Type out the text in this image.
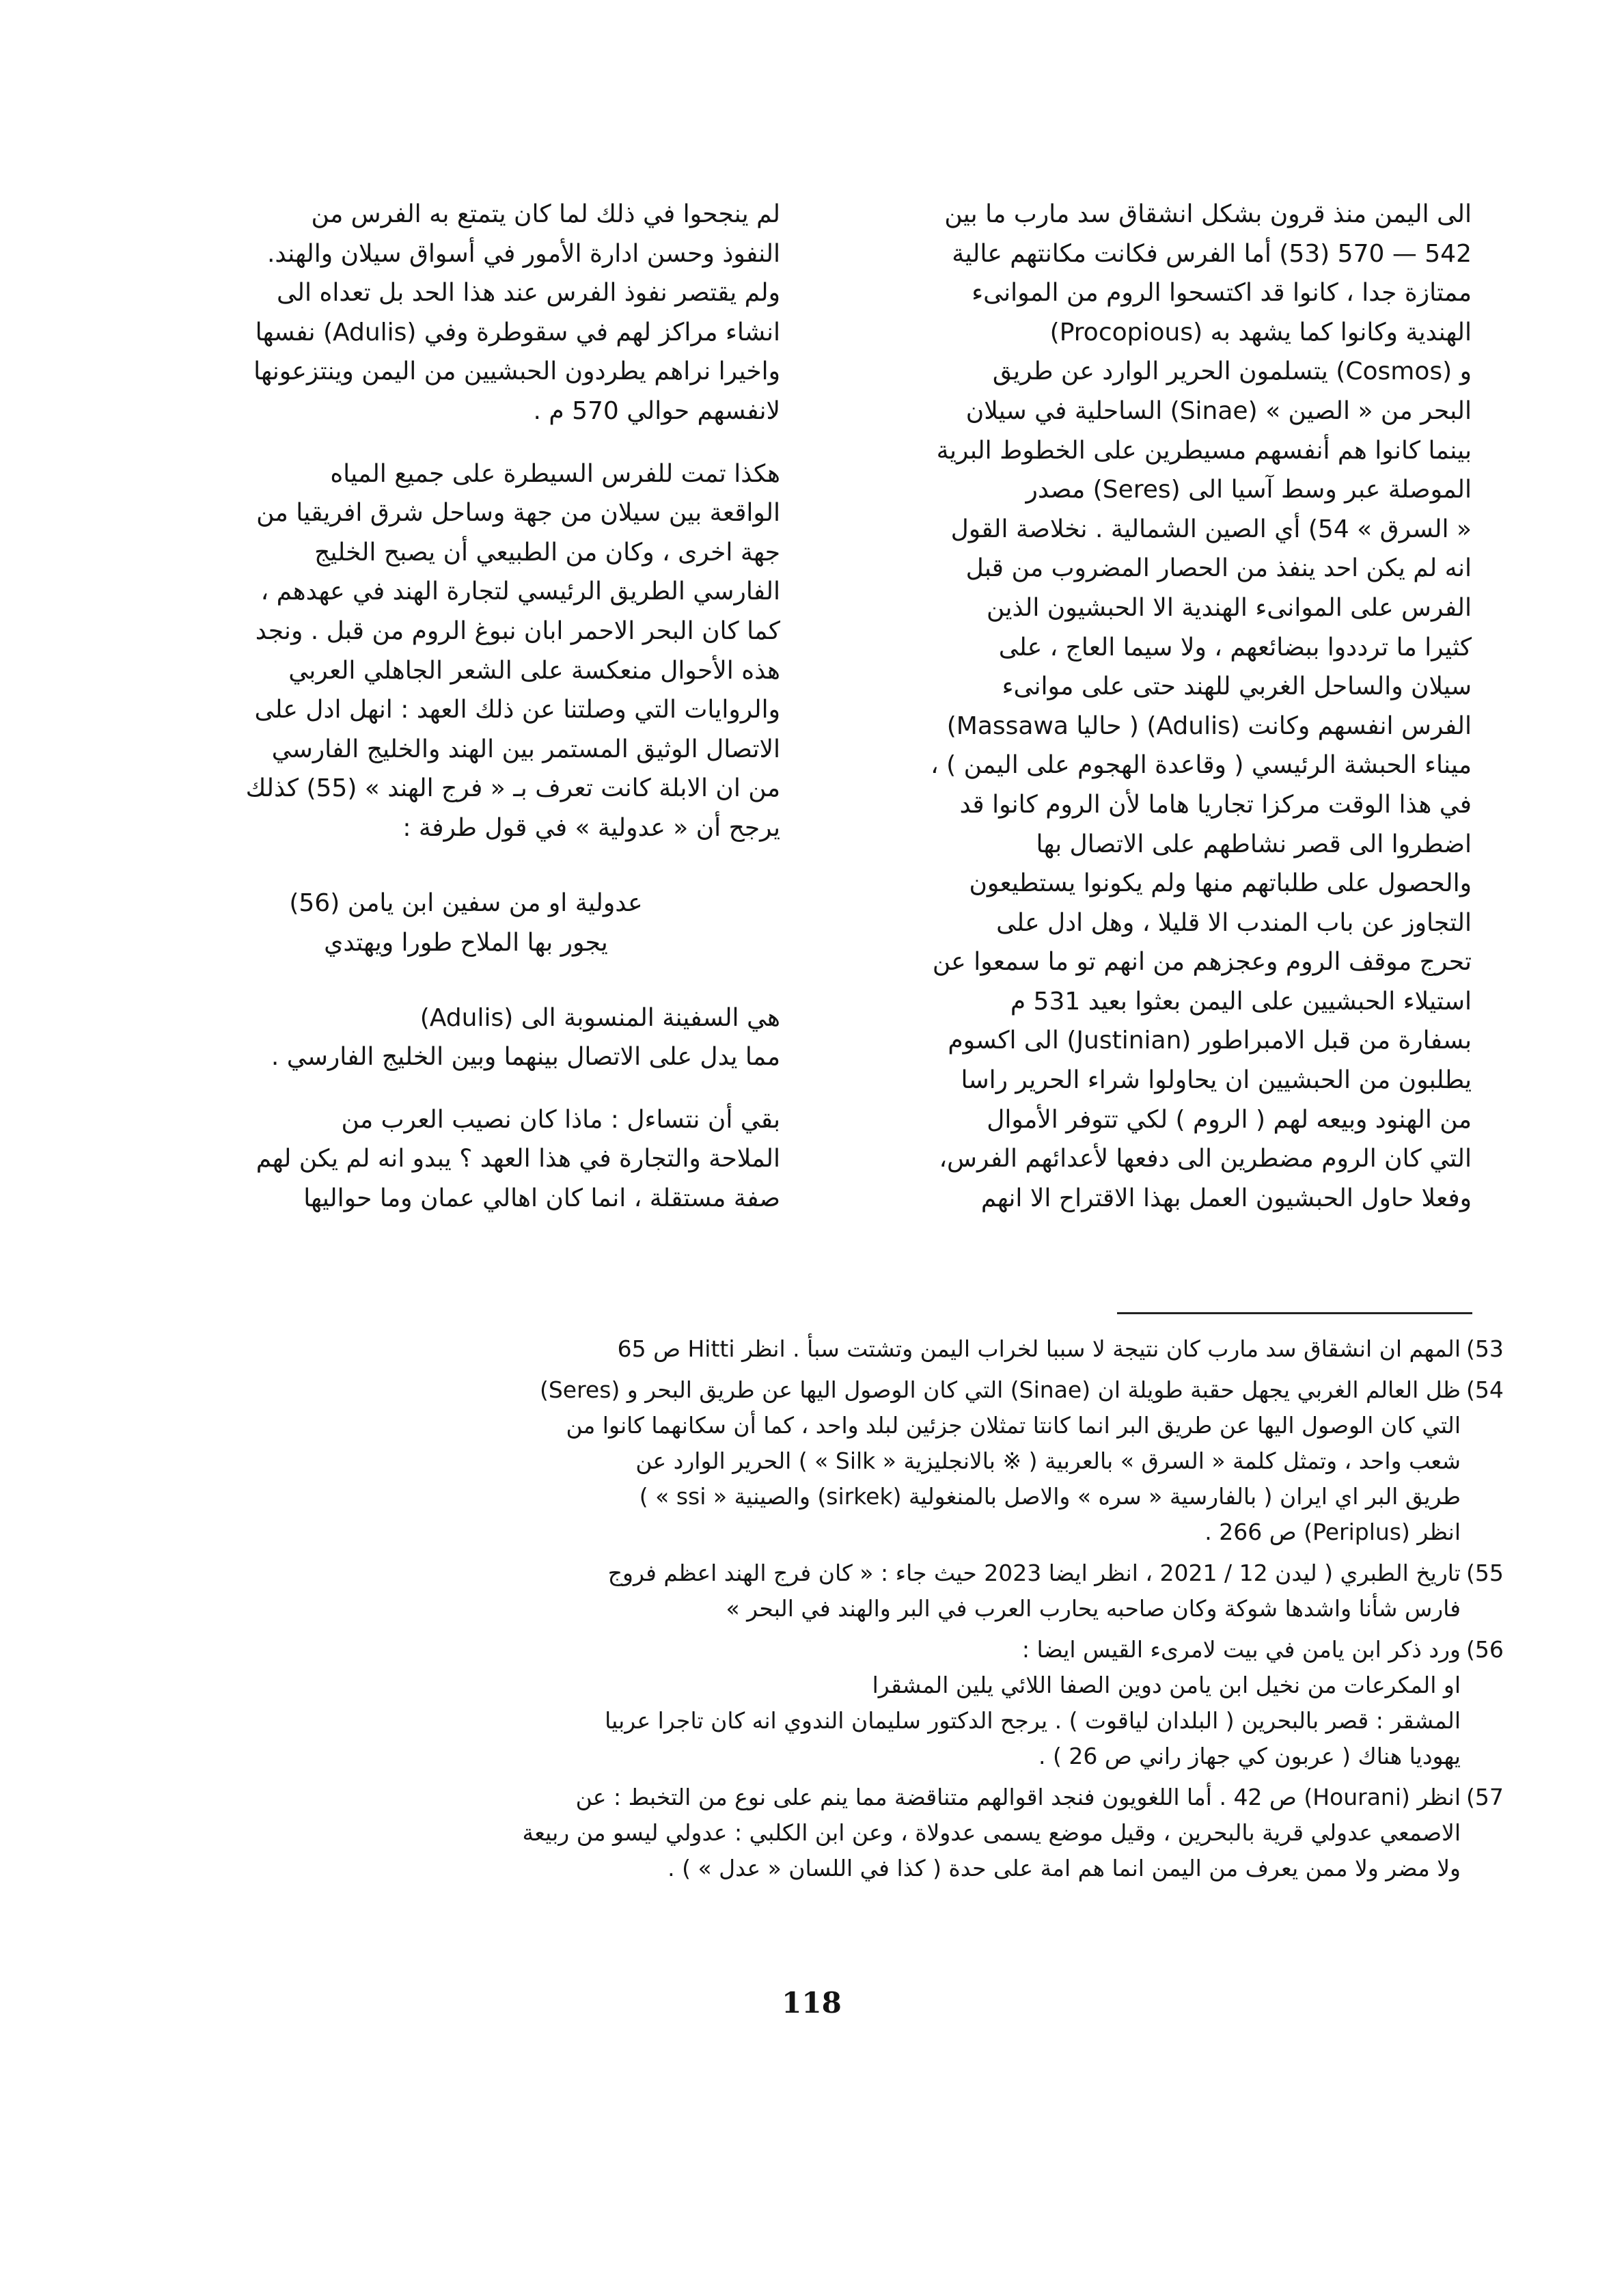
الى اليمن منذ قرون بشكل انشقاق سد مارب ما بين
542 — 570 (53) أما الفرس فكانت مكانتهم عالية
ممتازة جدا ، كانوا قد اكتسحوا الروم من الموانىء
الهندية وكانوا كما يشهد به (Procopious)
و (Cosmos) يتسلمون الحرير الوارد عن طريق
البحر من « الصين » (Sinae) الساحلية في سيلان
بينما كانوا هم أنفسهم مسيطرين على الخطوط البرية
الموصلة عبر وسط آسيا الى (Seres) مصدر
« السرق » 54) أي الصين الشمالية . نخلاصة القول
انه لم يكن احد ينفذ من الحصار المضروب من قبل
الفرس على الموانىء الهندية الا الحبشيون الذين
كثيرا ما ترددوا ببضائعهم ، ولا سيما العاج ، على
سيلان والساحل الغربي للهند حتى على موانىء
الفرس انفسهم وكانت (Adulis) ( حاليا Massawa)
ميناء الحبشة الرئيسي ( وقاعدة الهجوم على اليمن ) ،
في هذا الوقت مركزا تجاريا هاما لأن الروم كانوا قد
اضطروا الى قصر نشاطهم على الاتصال بها
والحصول على طلباتهم منها ولم يكونوا يستطيعون
التجاوز عن باب المندب الا قليلا ، وهل ادل على
تحرج موقف الروم وعجزهم من انهم تو ما سمعوا عن
استيلاء الحبشيين على اليمن بعثوا بعيد 531 م
بسفارة من قبل الامبراطور (Justinian) الى اكسوم
يطلبون من الحبشيين ان يحاولوا شراء الحرير راسا
من الهنود وبيعه لهم ( الروم ) لكي تتوفر الأموال
التي كان الروم مضطرين الى دفعها لأعدائهم الفرس،
وفعلا حاول الحبشيون العمل بهذا الاقتراح الا انهم
لم ينجحوا في ذلك لما كان يتمتع به الفرس من
النفوذ وحسن ادارة الأمور في أسواق سيلان والهند.
ولم يقتصر نفوذ الفرس عند هذا الحد بل تعداه الى
انشاء مراكز لهم في سقوطرة وفي (Adulis) نفسها
واخيرا نراهم يطردون الحبشيين من اليمن وينتزعونها
لانفسهم حوالي 570 م .
هكذا تمت للفرس السيطرة على جميع المياه
الواقعة بين سيلان من جهة وساحل شرق افريقيا من
جهة اخرى ، وكان من الطبيعي أن يصبح الخليج
الفارسي الطريق الرئيسي لتجارة الهند في عهدهم ،
كما كان البحر الاحمر ابان نبوغ الروم من قبل . ونجد
هذه الأحوال منعكسة على الشعر الجاهلي العربي
والروايات التي وصلتنا عن ذلك العهد : انهل ادل على
الاتصال الوثيق المستمر بين الهند والخليج الفارسي
من ان الابلة كانت تعرف بـ « فرج الهند » (55) كذلك
يرجح أن « عدولية » في قول طرفة :
عدولية او من سفين ابن يامن (56)
يجور بها الملاح طورا ويهتدي
هي السفينة المنسوبة الى (Adulis)
مما يدل على الاتصال بينهما وبين الخليج الفارسي .
بقي أن نتساءل : ماذا كان نصيب العرب من
الملاحة والتجارة في هذا العهد ؟ يبدو انه لم يكن لهم
صفة مستقلة ، انما كان اهالي عمان وما حواليها
(53
المهم ان انشقاق سد مارب كان نتيجة لا سببا لخراب اليمن وتشتت سبأ . انظر Hitti ص 65
(54
ظل العالم الغربي يجهل حقبة طويلة ان (Sinae) التي كان الوصول اليها عن طريق البحر و (Seres)
التي كان الوصول اليها عن طريق البر انما كانتا تمثلان جزئين لبلد واحد ، كما أن سكانهما كانوا من
شعب واحد ، وتمثل كلمة « السرق » بالعربية ( ※ بالانجليزية « Silk » ) الحرير الوارد عن
طريق البر اي ايران ( بالفارسية « سره » والاصل بالمنغولية (sirkek) والصينية « ssi » )
انظر (Periplus) ص 266 .
(55
تاريخ الطبري ( ليدن 12 / 2021 ، انظر ايضا 2023 حيث جاء : « كان فرج الهند اعظم فروج
فارس شأنا واشدها شوكة وكان صاحبه يحارب العرب في البر والهند في البحر »
(56
ورد ذكر ابن يامن في بيت لامرىء القيس ايضا :
او المكرعات من نخيل ابن يامن دوين الصفا اللائي يلين المشقرا
المشقر : قصر بالبحرين ( البلدان لياقوت ) . يرجح الدكتور سليمان الندوي انه كان تاجرا عربيا
يهوديا هناك ( عربون كي جهاز راني ص 26 ) .
(57
انظر (Hourani) ص 42 . أما اللغويون فنجد اقوالهم متناقضة مما ينم على نوع من التخبط : عن
الاصمعي عدولي قرية بالبحرين ، وقيل موضع يسمى عدولاة ، وعن ابن الكلبي : عدولي ليسو من ربيعة
ولا مضر ولا ممن يعرف من اليمن انما هم امة على حدة ( كذا في اللسان « عدل » ) .
118
